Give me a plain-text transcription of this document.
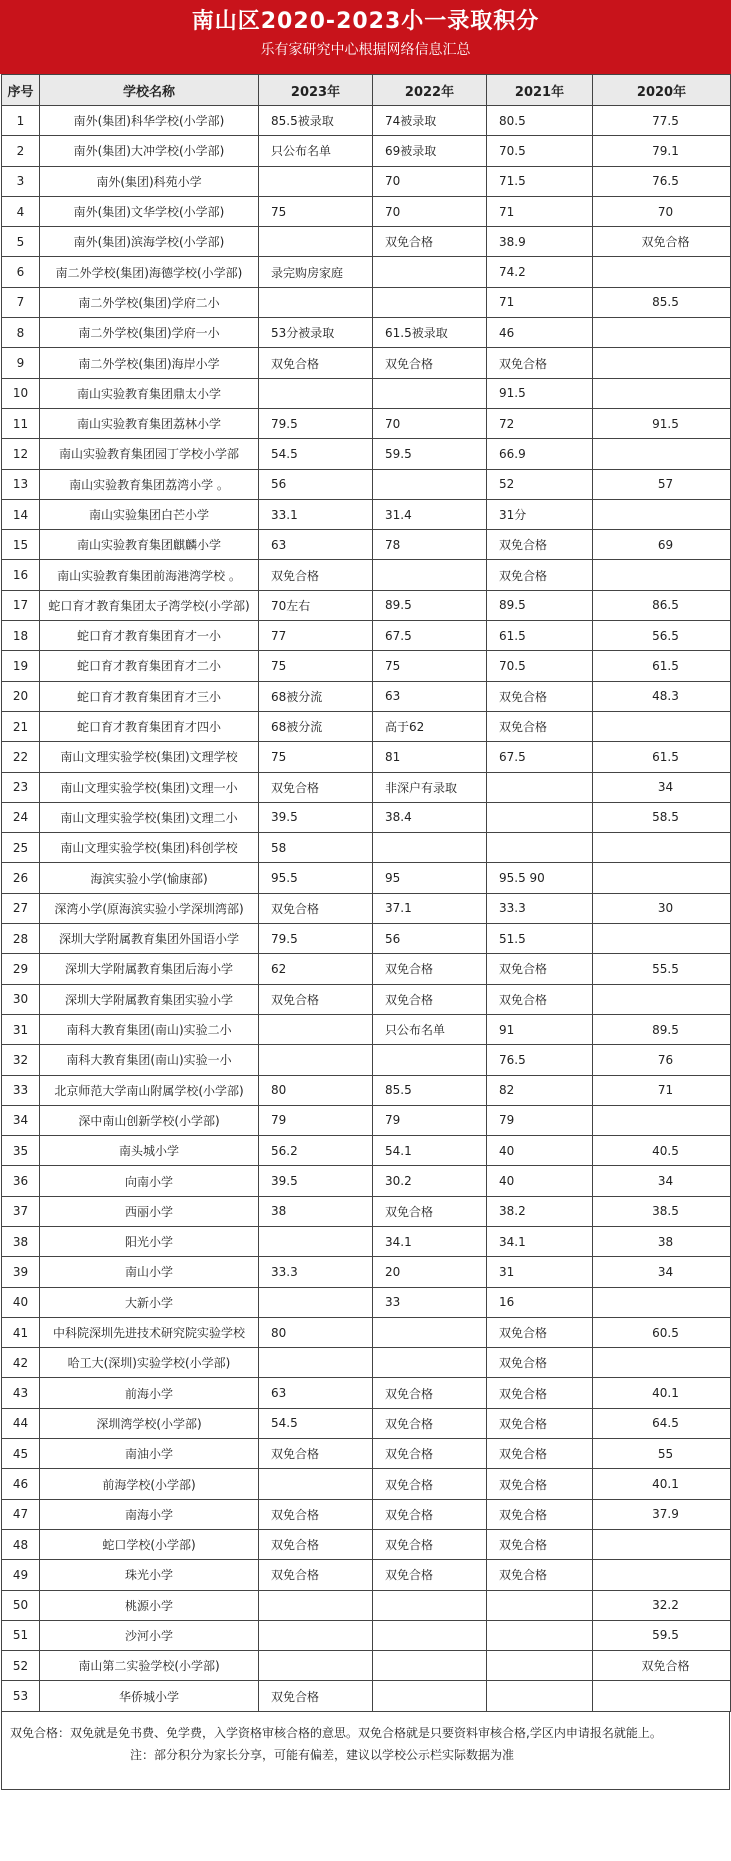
南山区2020-2023小一录取积分
乐有家研究中心根据网络信息汇总
序号	学校名称	2023年	2022年	2021年	2020年
1	南外(集团)科华学校(小学部)	85.5被录取	74被录取	80.5	77.5
2	南外(集团)大冲学校(小学部)	只公布名单	69被录取	70.5	79.1
3	南外(集团)科苑小学		70	71.5	76.5
4	南外(集团)文华学校(小学部)	75	70	71	70
5	南外(集团)滨海学校(小学部)		双免合格	38.9	双免合格
6	南二外学校(集团)海德学校(小学部)	录完购房家庭		74.2	
7	南二外学校(集团)学府二小			71	85.5
8	南二外学校(集团)学府一小	53分被录取	61.5被录取	46	
9	南二外学校(集团)海岸小学	双免合格	双免合格	双免合格	
10	南山实验教育集团鼎太小学			91.5	
11	南山实验教育集团荔林小学	79.5	70	72	91.5
12	南山实验教育集团园丁学校小学部	54.5	59.5	66.9	
13	南山实验教育集团荔湾小学 。	56		52	57
14	南山实验集团白芒小学	33.1	31.4	31分	
15	南山实验教育集团麒麟小学	63	78	双免合格	69
16	南山实验教育集团前海港湾学校 。	双免合格		双免合格	
17	蛇口育才教育集团太子湾学校(小学部)	70左右	89.5	89.5	86.5
18	蛇口育才教育集团育才一小	77	67.5	61.5	56.5
19	蛇口育才教育集团育才二小	75	75	70.5	61.5
20	蛇口育才教育集团育才三小	68被分流	63	双免合格	48.3
21	蛇口育才教育集团育才四小	68被分流	高于62	双免合格	
22	南山文理实验学校(集团)文理学校	75	81	67.5	61.5
23	南山文理实验学校(集团)文理一小	双免合格	非深户有录取		34
24	南山文理实验学校(集团)文理二小	39.5	38.4		58.5
25	南山文理实验学校(集团)科创学校	58			
26	海滨实验小学(愉康部)	95.5	95	95.5 90	
27	深湾小学(原海滨实验小学深圳湾部)	双免合格	37.1	33.3	30
28	深圳大学附属教育集团外国语小学	79.5	56	51.5	
29	深圳大学附属教育集团后海小学	62	双免合格	双免合格	55.5
30	深圳大学附属教育集团实验小学	双免合格	双免合格	双免合格	
31	南科大教育集团(南山)实验二小		只公布名单	91	89.5
32	南科大教育集团(南山)实验一小			76.5	76
33	北京师范大学南山附属学校(小学部)	80	85.5	82	71
34	深中南山创新学校(小学部)	79	79	79	
35	南头城小学	56.2	54.1	40	40.5
36	向南小学	39.5	30.2	40	34
37	西丽小学	38	双免合格	38.2	38.5
38	阳光小学		34.1	34.1	38
39	南山小学	33.3	20	31	34
40	大新小学		33	16	
41	中科院深圳先进技术研究院实验学校	80		双免合格	60.5
42	哈工大(深圳)实验学校(小学部)			双免合格	
43	前海小学	63	双免合格	双免合格	40.1
44	深圳湾学校(小学部)	54.5	双免合格	双免合格	64.5
45	南油小学	双免合格	双免合格	双免合格	55
46	前海学校(小学部)		双免合格	双免合格	40.1
47	南海小学	双免合格	双免合格	双免合格	37.9
48	蛇口学校(小学部)	双免合格	双免合格	双免合格	
49	珠光小学	双免合格	双免合格	双免合格	
50	桃源小学				32.2
51	沙河小学				59.5
52	南山第二实验学校(小学部)				双免合格
53	华侨城小学	双免合格			

双免合格：双免就是免书费、免学费，入学资格审核合格的意思。双免合格就是只要资料审核合格,学区内申请报名就能上。

注：部分积分为家长分享，可能有偏差，建议以学校公示栏实际数据为准
